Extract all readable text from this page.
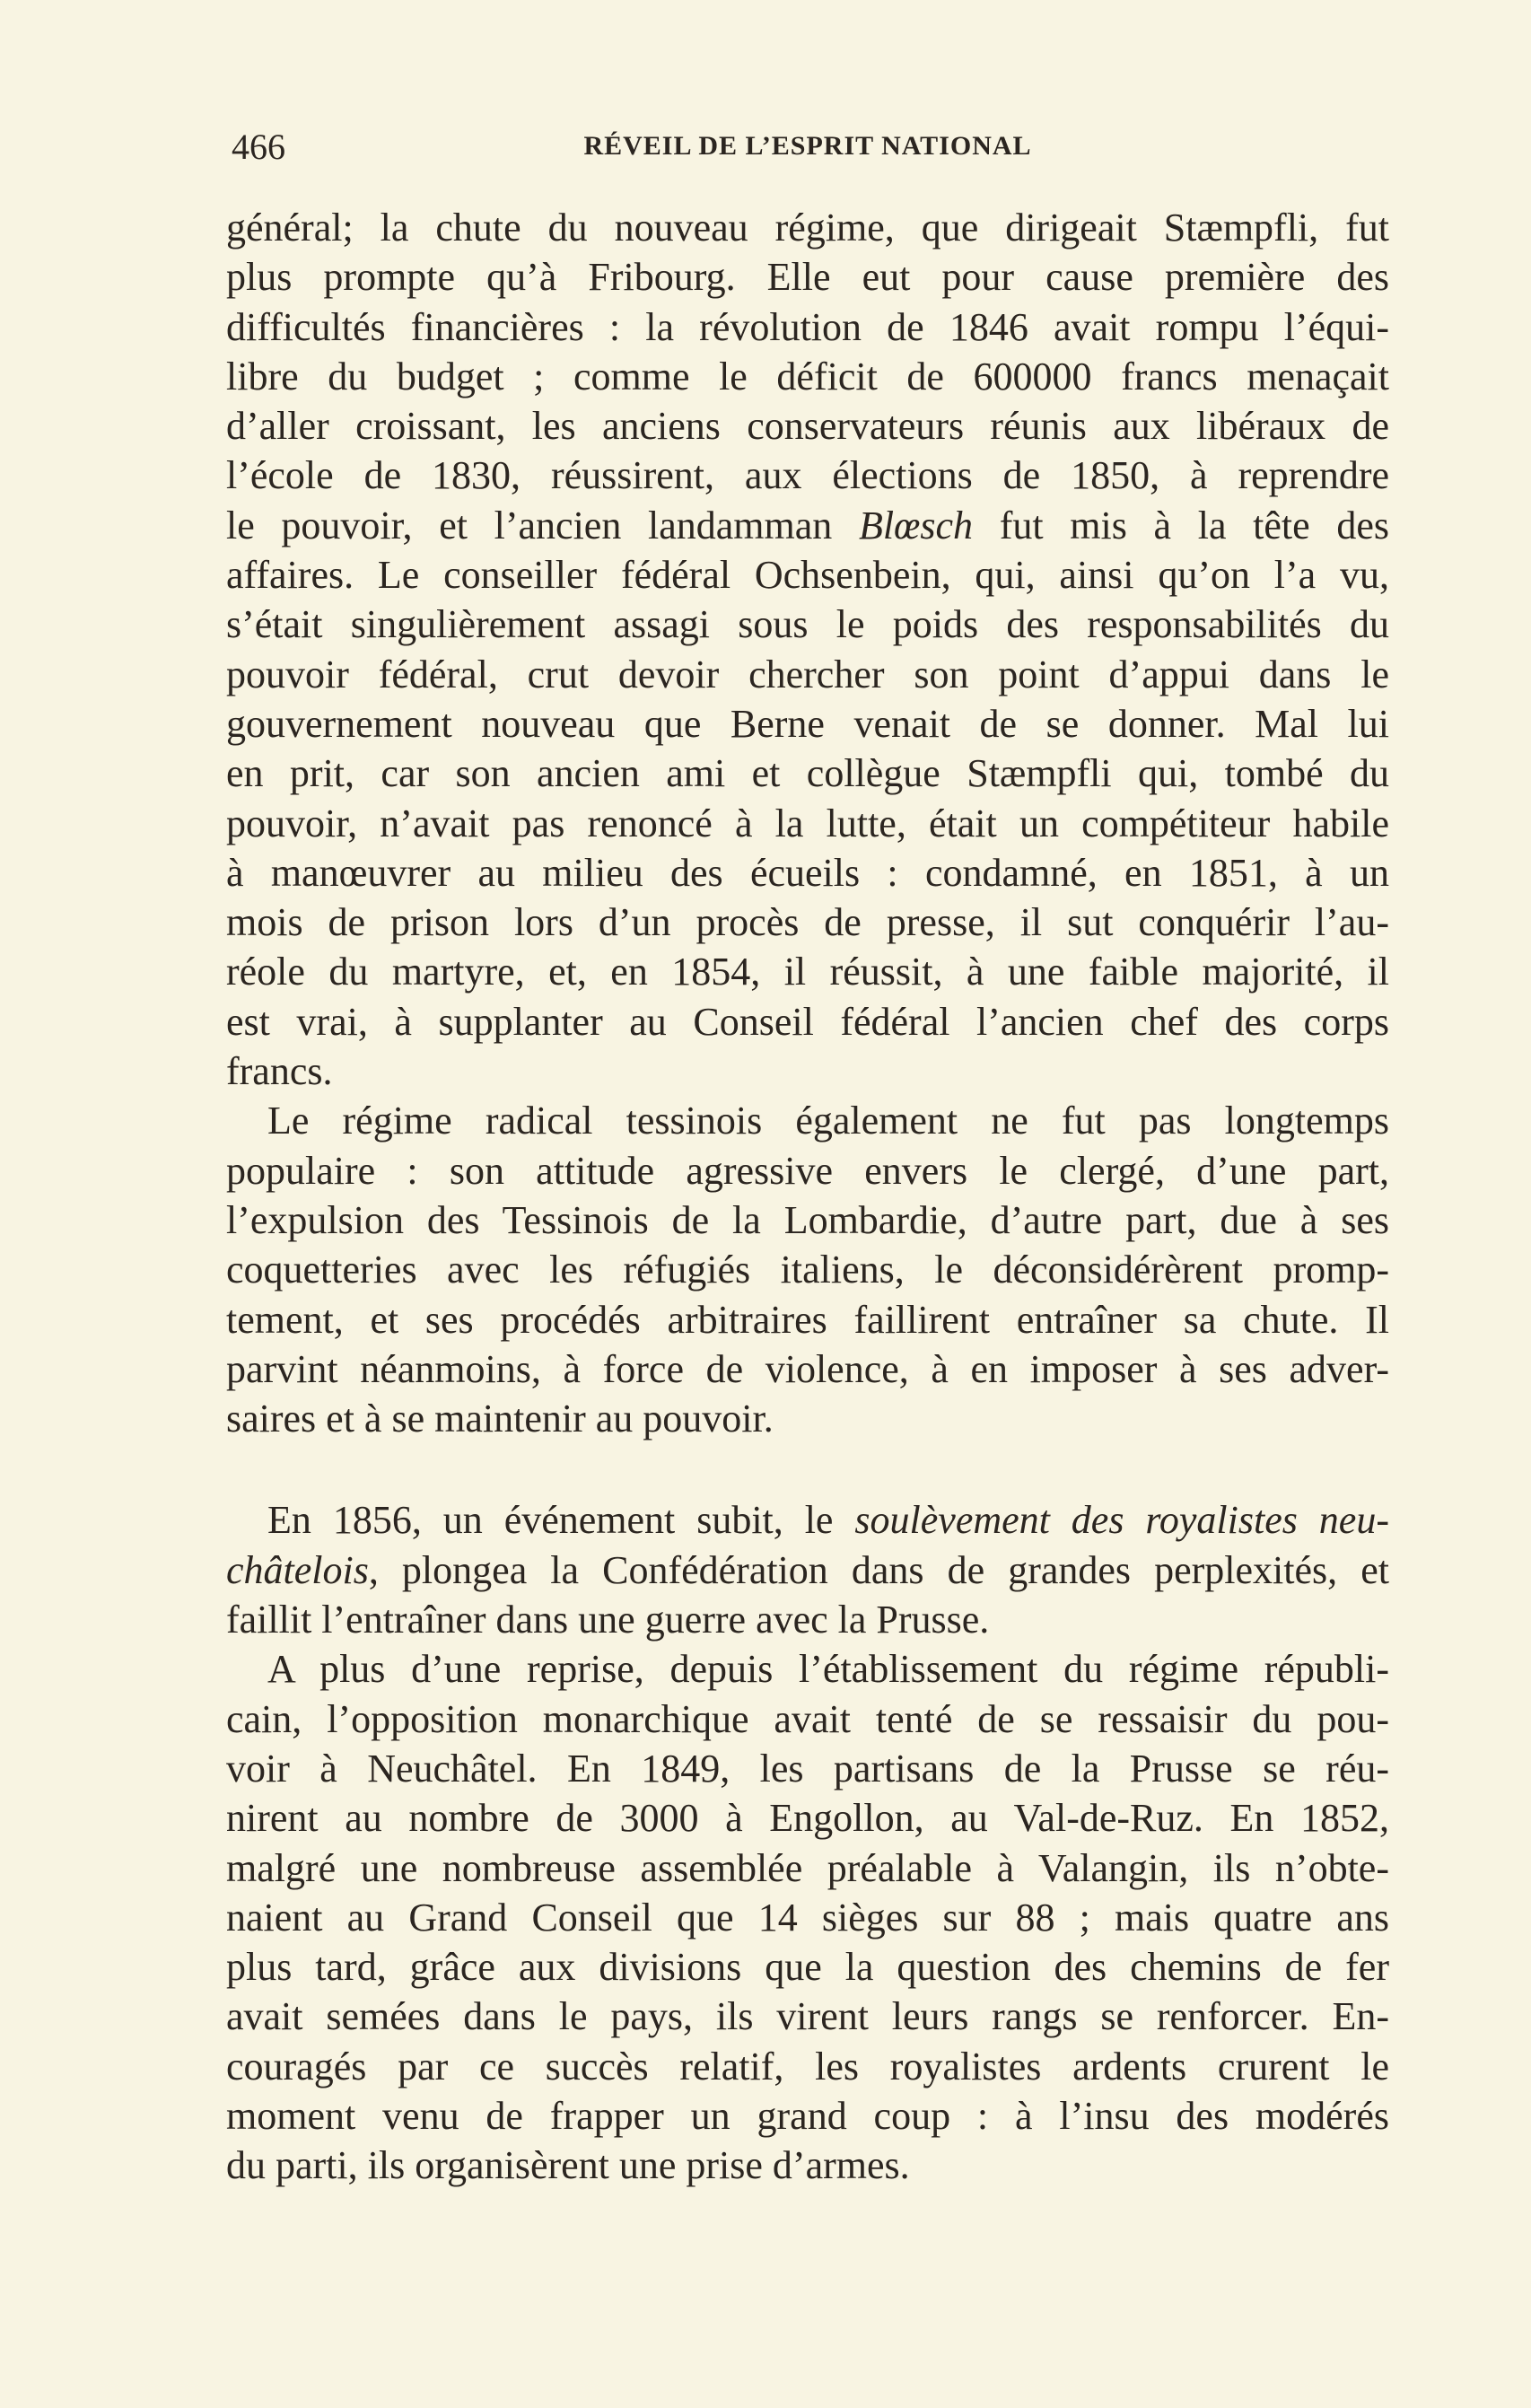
466	RÉVEIL DE L’ESPRIT NATIONAL
général; la chute du nouveau régime, que dirigeait Stæmpfli, fut
plus prompte qu’à Fribourg. Elle eut pour cause première des
difficultés financières : la révolution de 1846 avait rompu l’équi-
libre du budget ; comme le déficit de 600000 francs menaçait
d’aller croissant, les anciens conservateurs réunis aux libéraux de
l’école de 1830, réussirent, aux élections de 1850, à reprendre
le pouvoir, et l’ancien landamman Blœsch fut mis à la tête des
affaires. Le conseiller fédéral Ochsenbein, qui, ainsi qu’on l’a vu,
s’était singulièrement assagi sous le poids des responsabilités du
pouvoir fédéral, crut devoir chercher son point d’appui dans le
gouvernement nouveau que Berne venait de se donner. Mal lui
en prit, car son ancien ami et collègue Stæmpfli qui, tombé du
pouvoir, n’avait pas renoncé à la lutte, était un compétiteur habile
à manœuvrer au milieu des écueils : condamné, en 1851, à un
mois de prison lors d’un procès de presse, il sut conquérir l’au-
réole du martyre, et, en 1854, il réussit, à une faible majorité, il
est vrai, à supplanter au Conseil fédéral l’ancien chef des corps
francs.
Le régime radical tessinois également ne fut pas longtemps
populaire : son attitude agressive envers le clergé, d’une part,
l’expulsion des Tessinois de la Lombardie, d’autre part, due à ses
coquetteries avec les réfugiés italiens, le déconsidérèrent promp-
tement, et ses procédés arbitraires faillirent entraîner sa chute. Il
parvint néanmoins, à force de violence, à en imposer à ses adver-
saires et à se maintenir au pouvoir.
En 1856, un événement subit, le soulèvement des royalistes neu-
châtelois, plongea la Confédération dans de grandes perplexités, et
faillit l’entraîner dans une guerre avec la Prusse.
A plus d’une reprise, depuis l’établissement du régime républi-
cain, l’opposition monarchique avait tenté de se ressaisir du pou-
voir à Neuchâtel. En 1849, les partisans de la Prusse se réu-
nirent au nombre de 3000 à Engollon, au Val-de-Ruz. En 1852,
malgré une nombreuse assemblée préalable à Valangin, ils n’obte-
naient au Grand Conseil que 14 sièges sur 88 ; mais quatre ans
plus tard, grâce aux divisions que la question des chemins de fer
avait semées dans le pays, ils virent leurs rangs se renforcer. En-
couragés par ce succès relatif, les royalistes ardents crurent le
moment venu de frapper un grand coup : à l’insu des modérés
du parti, ils organisèrent une prise d’armes.
